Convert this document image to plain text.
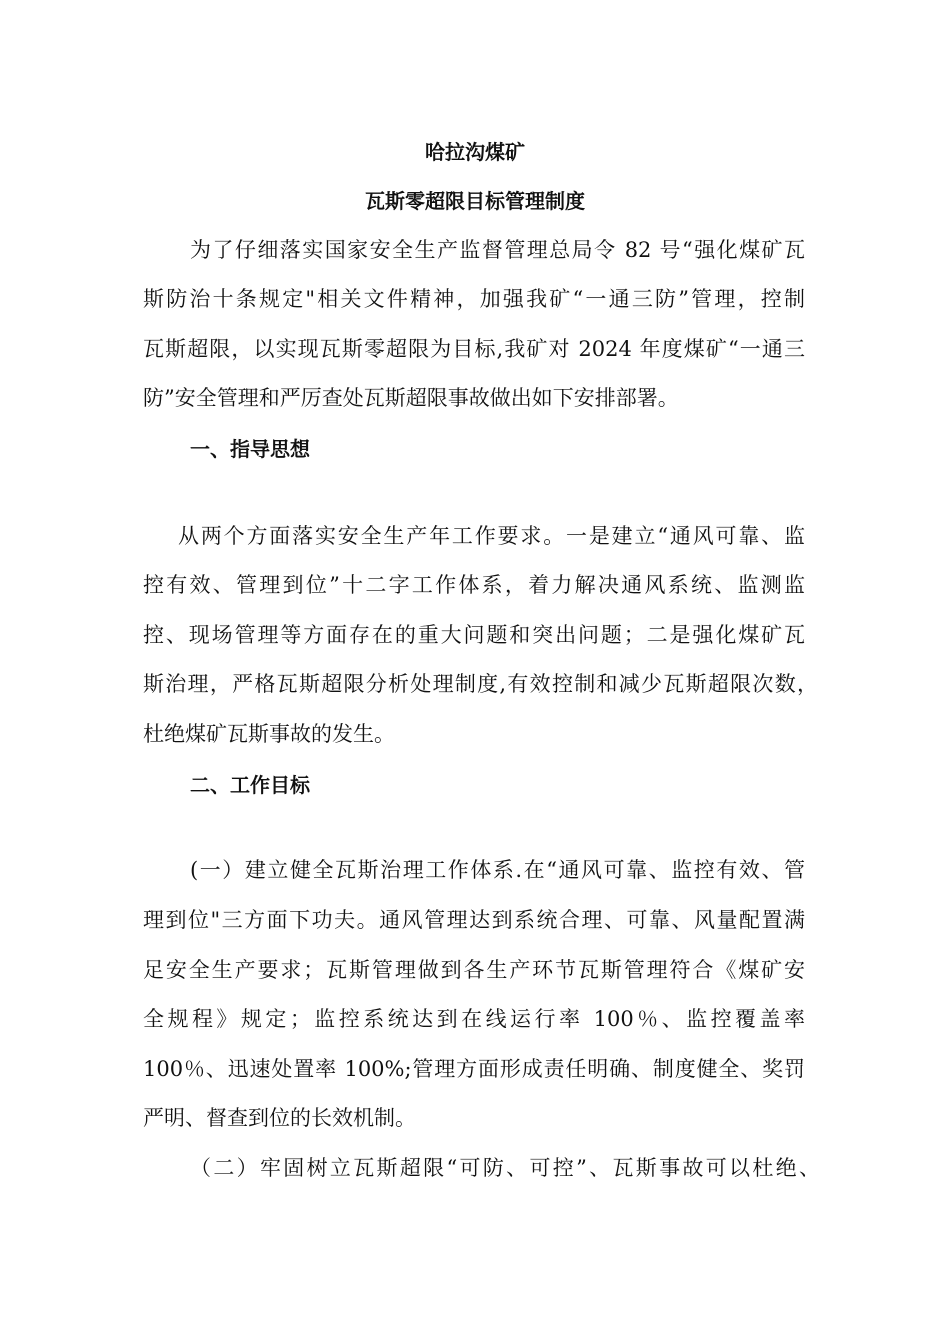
哈拉沟煤矿
瓦斯零超限目标管理制度
为了仔细落实国家安全生产监督管理总局令 82 号“强化煤矿瓦
斯防治十条规定"相关文件精神，加强我矿“一通三防”管理，控制
瓦斯超限，以实现瓦斯零超限为目标,我矿对 2024 年度煤矿“一通三
防”安全管理和严厉查处瓦斯超限事故做出如下安排部署。
一、指导思想
从两个方面落实安全生产年工作要求。一是建立“通风可靠、监
控有效、管理到位”十二字工作体系，着力解决通风系统、监测监
控、现场管理等方面存在的重大问题和突出问题；二是强化煤矿瓦
斯治理，严格瓦斯超限分析处理制度,有效控制和减少瓦斯超限次数，
杜绝煤矿瓦斯事故的发生。
二、工作目标
(一）建立健全瓦斯治理工作体系.在“通风可靠、监控有效、管
理到位"三方面下功夫。通风管理达到系统合理、可靠、风量配置满
足安全生产要求；瓦斯管理做到各生产环节瓦斯管理符合《煤矿安
全规程》规定；监控系统达到在线运行率 100％、监控覆盖率
100％、迅速处置率 100%;管理方面形成责任明确、制度健全、奖罚
严明、督查到位的长效机制。
（二）牢固树立瓦斯超限“可防、可控”、瓦斯事故可以杜绝、
